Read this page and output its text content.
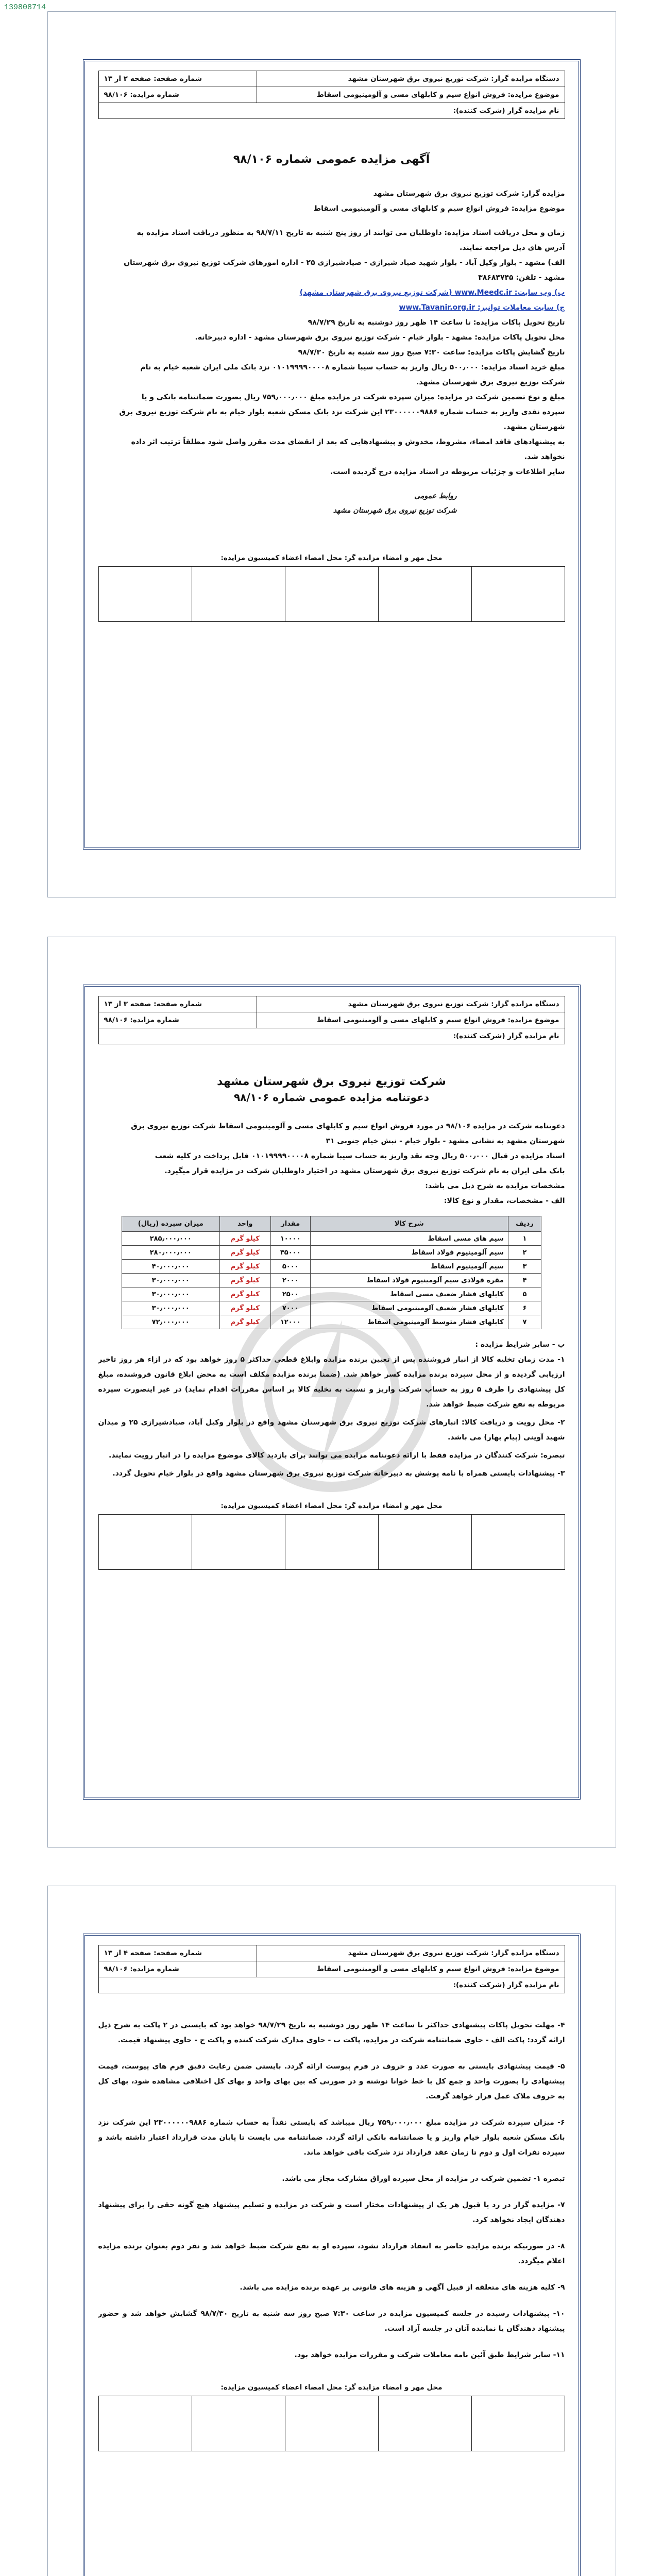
139808714
دستگاه مزایده گزار: شرکت توزیع نیروی برق شهرستان مشهد	شماره صفحه: صفحه ۲ از ۱۳
موضوع مزایده: فروش انواع سیم و کابلهای مسی و آلومینیومی اسقاط	شماره مزایده: ۹۸/۱۰۶
نام مزایده گزار (شرکت کننده):	
آگهی مزایده عمومی شماره ۹۸/۱۰۶

مزایده گزار: شرکت توزیع نیروی برق شهرستان مشهد

موضوع مزایده: فروش انواع سیم و کابلهای مسی و آلومینیومی اسقاط

زمان و محل دریافت اسناد مزایده: داوطلبان می توانند از روز پنج شنبه به تاریخ ۹۸/۷/۱۱ به منظور دریافت اسناد مزایده به

آدرس های ذیل مراجعه نمایند.

الف) مشهد - بلوار وکیل آباد - بلوار شهید صیاد شیرازی - صیادشیرازی ۲۵ - اداره امورهای شرکت توزیع نیروی برق شهرستان

مشهد - تلفن: ۳۸۶۸۴۷۴۵

ب) وب سایت: www.Meedc.ir (شرکت توزیع نیروی برق شهرستان مشهد)

ج) سایت معاملات توانیر: www.Tavanir.org.ir

تاریخ تحویل پاکات مزایده: تا ساعت ۱۴ ظهر روز دوشنبه به تاریخ ۹۸/۷/۲۹

محل تحویل پاکات مزایده: مشهد - بلوار خیام - شرکت توزیع نیروی برق شهرستان مشهد - اداره دبیرخانه.

تاریخ گشایش پاکات مزایده: ساعت ۷:۳۰ صبح روز سه شنبه به تاریخ ۹۸/۷/۳۰

مبلغ خرید اسناد مزایده: ۵۰۰٫۰۰۰ ریال واریز به حساب سیبا شماره ۰۱۰۱۹۹۹۹۰۰۰۰۸ نزد بانک ملی ایران شعبه خیام به نام

شرکت توزیع نیروی برق شهرستان مشهد.

مبلغ و نوع تضمین شرکت در مزایده: میزان سپرده شرکت در مزایده مبلغ ۷۵۹٫۰۰۰٫۰۰۰ ریال بصورت ضمانتنامه بانکی و یا

سپرده نقدی واریز به حساب شماره ۲۳۰۰۰۰۰۰۹۸۸۶ این شرکت نزد بانک مسکن شعبه بلوار خیام به نام شرکت توزیع نیروی برق

شهرستان مشهد.

به پیشنهادهای فاقد امضاء، مشروط، مخدوش و پیشنهادهایی که بعد از انقضای مدت مقرر واصل شود مطلقاً ترتیب اثر داده

نخواهد شد.

سایر اطلاعات و جزئیات مربوطه در اسناد مزایده درج گردیده است.

روابط عمومی
شرکت توزیع نیروی برق شهرستان مشهد
محل مهر و امضاء مزایده گر: محل امضاء اعضاء کمیسیون مزایده:

دستگاه مزایده گزار: شرکت توزیع نیروی برق شهرستان مشهد	شماره صفحه: صفحه ۳ از ۱۳
موضوع مزایده: فروش انواع سیم و کابلهای مسی و آلومینیومی اسقاط	شماره مزایده: ۹۸/۱۰۶
نام مزایده گزار (شرکت کننده):	
شرکت توزیع نیروی برق شهرستان مشهد
دعوتنامه مزایده عمومی شماره ۹۸/۱۰۶

دعوتنامه شرکت در مزایده ۹۸/۱۰۶ در مورد فروش انواع سیم و کابلهای مسی و آلومینیومی اسقاط شرکت توزیع نیروی برق

شهرستان مشهد به نشانی مشهد - بلوار خیام - نبش خیام جنوبی ۳۱

اسناد مزایده در قبال ۵۰۰٫۰۰۰ ریال وجه نقد واریز به حساب سیبا شماره ۰۱۰۱۹۹۹۹۰۰۰۰۸ قابل پرداخت در کلیه شعب

بانک ملی ایران به نام شرکت توزیع نیروی برق شهرستان مشهد در اختیار داوطلبان شرکت در مزایده قرار میگیرد.

مشخصات مزایده به شرح ذیل می باشد:

الف - مشخصات، مقدار و نوع کالا:

ردیف	شرح کالا	مقدار	واحد	میزان سپرده (ریال)
۱	سیم های مسی اسقاط	۱۰۰۰۰	کیلو گرم	۲۸۵٫۰۰۰٫۰۰۰
۲	سیم آلومینیوم فولاد اسقاط	۳۵۰۰۰	کیلو گرم	۲۸۰٫۰۰۰٫۰۰۰
۳	سیم آلومینیوم اسقاط	۵۰۰۰	کیلو گرم	۴۰٫۰۰۰٫۰۰۰
۴	مقره فولادی سیم آلومینیوم فولاد اسقاط	۲۰۰۰	کیلو گرم	۳۰٫۰۰۰٫۰۰۰
۵	کابلهای فشار ضعیف مسی اسقاط	۲۵۰۰	کیلو گرم	۳۰٫۰۰۰٫۰۰۰
۶	کابلهای فشار ضعیف آلومینیومی اسقاط	۷۰۰۰	کیلو گرم	۳۰٫۰۰۰٫۰۰۰
۷	کابلهای فشار متوسط آلومینیومی اسقاط	۱۲۰۰۰	کیلو گرم	۷۲٫۰۰۰٫۰۰۰

ب - سایر شرایط مزایده :

۱- مدت زمان تخلیه کالا از انبار فروشنده پس از تعیین برنده مزایده وابلاغ قطعی حداکثر ۵ روز خواهد بود که در ازاء هر روز تاخیر ارزیابی گردیده و از محل سپرده برنده مزایده کسر خواهد شد. (ضمنا برنده مزایده مکلف است به محض ابلاغ قانون فروشنده، مبلغ کل پیشنهادی را ظرف ۵ روز به حساب شرکت واریز و نسبت به تخلیه کالا بر اساس مقررات اقدام نماید) در غیر اینصورت سپرده مربوطه به نفع شرکت ضبط خواهد شد.

۲- محل رویت و دریافت کالا: انبارهای شرکت توزیع نیروی برق شهرستان مشهد واقع در بلوار وکیل آباد، صیادشیرازی ۲۵ و میدان شهید آوینی (پیام بهار) می باشد.

تبصره: شرکت کنندگان در مزایده فقط با ارائه دعوتنامه مزایده می توانند برای بازدید کالای موضوع مزایده را در انبار رویت نمایند.

۳- پیشنهادات بایستی همراه با نامه پوشش به دبیرخانه شرکت توزیع نیروی برق شهرستان مشهد واقع در بلوار خیام تحویل گردد.

محل مهر و امضاء مزایده گر: محل امضاء اعضاء کمیسیون مزایده:

دستگاه مزایده گزار: شرکت توزیع نیروی برق شهرستان مشهد	شماره صفحه: صفحه ۴ از ۱۳
موضوع مزایده: فروش انواع سیم و کابلهای مسی و آلومینیومی اسقاط	شماره مزایده: ۹۸/۱۰۶
نام مزایده گزار (شرکت کننده):	

۴- مهلت تحویل پاکات پیشنهادی حداکثر تا ساعت ۱۴ ظهر روز دوشنبه به تاریخ ۹۸/۷/۲۹ خواهد بود که بایستی در ۲ پاکت به شرح ذیل ارائه گردد: پاکت الف - حاوی ضمانتنامه شرکت در مزایده، پاکت ب - حاوی مدارک شرکت کننده و پاکت ج - حاوی پیشنهاد قیمت.

۵- قیمت پیشنهادی بایستی به صورت عدد و حروف در فرم پیوست ارائه گردد. بایستی ضمن رعایت دقیق فرم های پیوست، قیمت پیشنهادی را بصورت واحد و جمع کل با خط خوانا نوشته و در صورتی که بین بهای واحد و بهای کل اختلافی مشاهده شود، بهای کل به حروف ملاک عمل قرار خواهد گرفت.

۶- میزان سپرده شرکت در مزایده مبلغ ۷۵۹٫۰۰۰٫۰۰۰ ریال میباشد که بایستی نقداً به حساب شماره ۲۳۰۰۰۰۰۰۹۸۸۶ این شرکت نزد بانک مسکن شعبه بلوار خیام واریز و یا ضمانتنامه بانکی ارائه گردد. ضمانتنامه می بایست تا پایان مدت قرارداد اعتبار داشته باشد و سپرده نفرات اول و دوم تا زمان عقد قرارداد نزد شرکت باقی خواهد ماند.

تبصره ۱- تضمین شرکت در مزایده از محل سپرده اوراق مشارکت مجاز می باشد.

۷- مزایده گزار در رد یا قبول هر یک از پیشنهادات مختار است و شرکت در مزایده و تسلیم پیشنهاد هیچ گونه حقی را برای پیشنهاد دهندگان ایجاد نخواهد کرد.

۸- در صورتیکه برنده مزایده حاضر به انعقاد قرارداد نشود، سپرده او به نفع شرکت ضبط خواهد شد و نفر دوم بعنوان برنده مزایده اعلام میگردد.

۹- کلیه هزینه های متعلقه از قبیل آگهی و هزینه های قانونی بر عهده برنده مزایده می باشد.

۱۰- پیشنهادات رسیده در جلسه کمیسیون مزایده در ساعت ۷:۳۰ صبح روز سه شنبه به تاریخ ۹۸/۷/۳۰ گشایش خواهد شد و حضور پیشنهاد دهندگان یا نماینده آنان در جلسه آزاد است.

۱۱- سایر شرایط طبق آئین نامه معاملات شرکت و مقررات مزایده خواهد بود.

محل مهر و امضاء مزایده گر: محل امضاء اعضاء کمیسیون مزایده:
